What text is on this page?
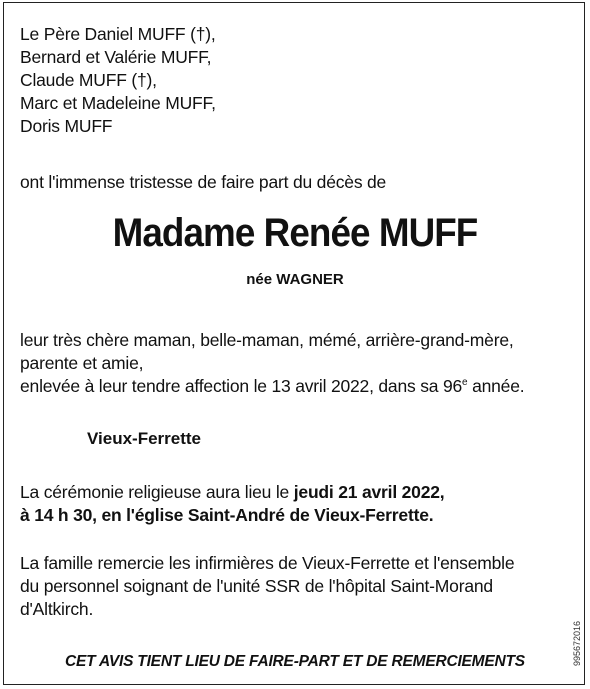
Le Père Daniel MUFF (†),
Bernard et Valérie MUFF,
Claude MUFF (†),
Marc et Madeleine MUFF,
Doris MUFF

ont l'immense tristesse de faire part du décès de

Madame Renée MUFF
née WAGNER
leur très chère maman, belle-maman, mémé, arrière-grand-mère,
parente et amie,
enlevée à leur tendre affection le 13 avril 2022, dans sa 96e année.
Vieux-Ferrette
La cérémonie religieuse aura lieu le jeudi 21 avril 2022,
à 14 h 30, en l'église Saint-André de Vieux-Ferrette.
La famille remercie les infirmières de Vieux-Ferrette et l'ensemble
du personnel soignant de l'unité SSR de l'hôpital Saint-Morand
d'Altkirch.
CET AVIS TIENT LIEU DE FAIRE-PART ET DE REMERCIEMENTS	995672016
